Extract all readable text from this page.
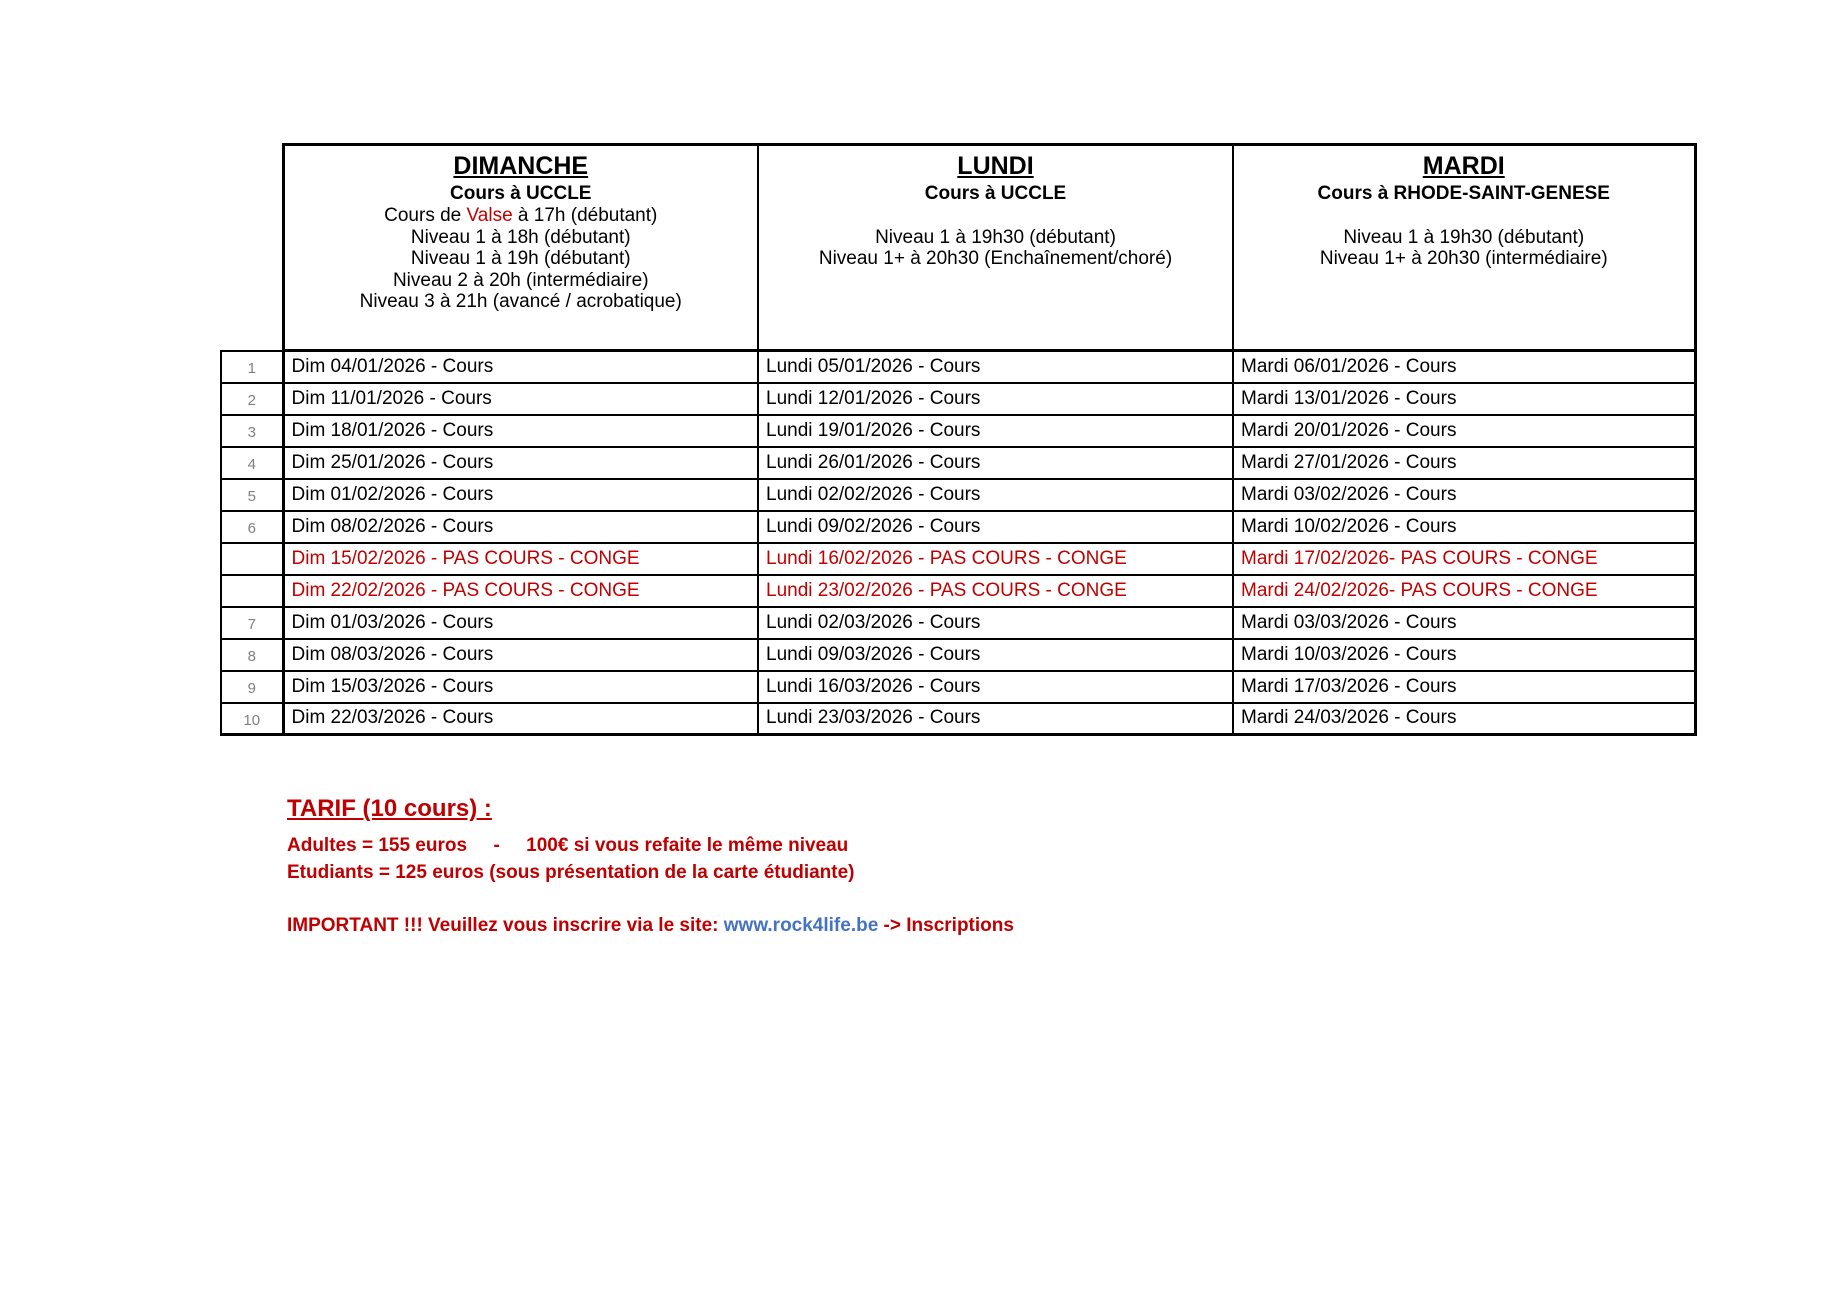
DIMANCHE
Cours à UCCLE
Cours de Valse à 17h (débutant)
Niveau 1 à 18h (débutant)
Niveau 1 à 19h (débutant)
Niveau 2 à 20h (intermédiaire)
Niveau 3 à 21h (avancé / acrobatique)

LUNDI
Cours à UCCLE
Niveau 1 à 19h30 (débutant)
Niveau 1+ à 20h30 (Enchaînement/choré)

MARDI
Cours à RHODE-SAINT-GENESE
Niveau 1 à 19h30 (débutant)
Niveau 1+ à 20h30 (intermédiaire)

1	Dim 04/01/2026 - Cours	Lundi 05/01/2026 - Cours	Mardi 06/01/2026 - Cours
2	Dim 11/01/2026 - Cours	Lundi 12/01/2026 - Cours	Mardi 13/01/2026 - Cours
3	Dim 18/01/2026 - Cours	Lundi 19/01/2026 - Cours	Mardi 20/01/2026 - Cours
4	Dim 25/01/2026 - Cours	Lundi 26/01/2026 - Cours	Mardi 27/01/2026 - Cours
5	Dim 01/02/2026 - Cours	Lundi 02/02/2026 - Cours	Mardi 03/02/2026 - Cours
6	Dim 08/02/2026 - Cours	Lundi 09/02/2026 - Cours	Mardi 10/02/2026 - Cours
	Dim 15/02/2026 - PAS COURS - CONGE	Lundi 16/02/2026 - PAS COURS - CONGE	Mardi 17/02/2026- PAS COURS - CONGE
	Dim 22/02/2026 - PAS COURS - CONGE	Lundi 23/02/2026 - PAS COURS - CONGE	Mardi 24/02/2026- PAS COURS - CONGE
7	Dim 01/03/2026 - Cours	Lundi 02/03/2026 - Cours	Mardi 03/03/2026 - Cours
8	Dim 08/03/2026 - Cours	Lundi 09/03/2026 - Cours	Mardi 10/03/2026 - Cours
9	Dim 15/03/2026 - Cours	Lundi 16/03/2026 - Cours	Mardi 17/03/2026 - Cours
10	Dim 22/03/2026 - Cours	Lundi 23/03/2026 - Cours	Mardi 24/03/2026 - Cours
TARIF (10 cours) :
Adultes = 155 euros     -     100€ si vous refaite le même niveau
Etudiants = 125 euros (sous présentation de la carte étudiante)
IMPORTANT !!! Veuillez vous inscrire via le site: www.rock4life.be -> Inscriptions
